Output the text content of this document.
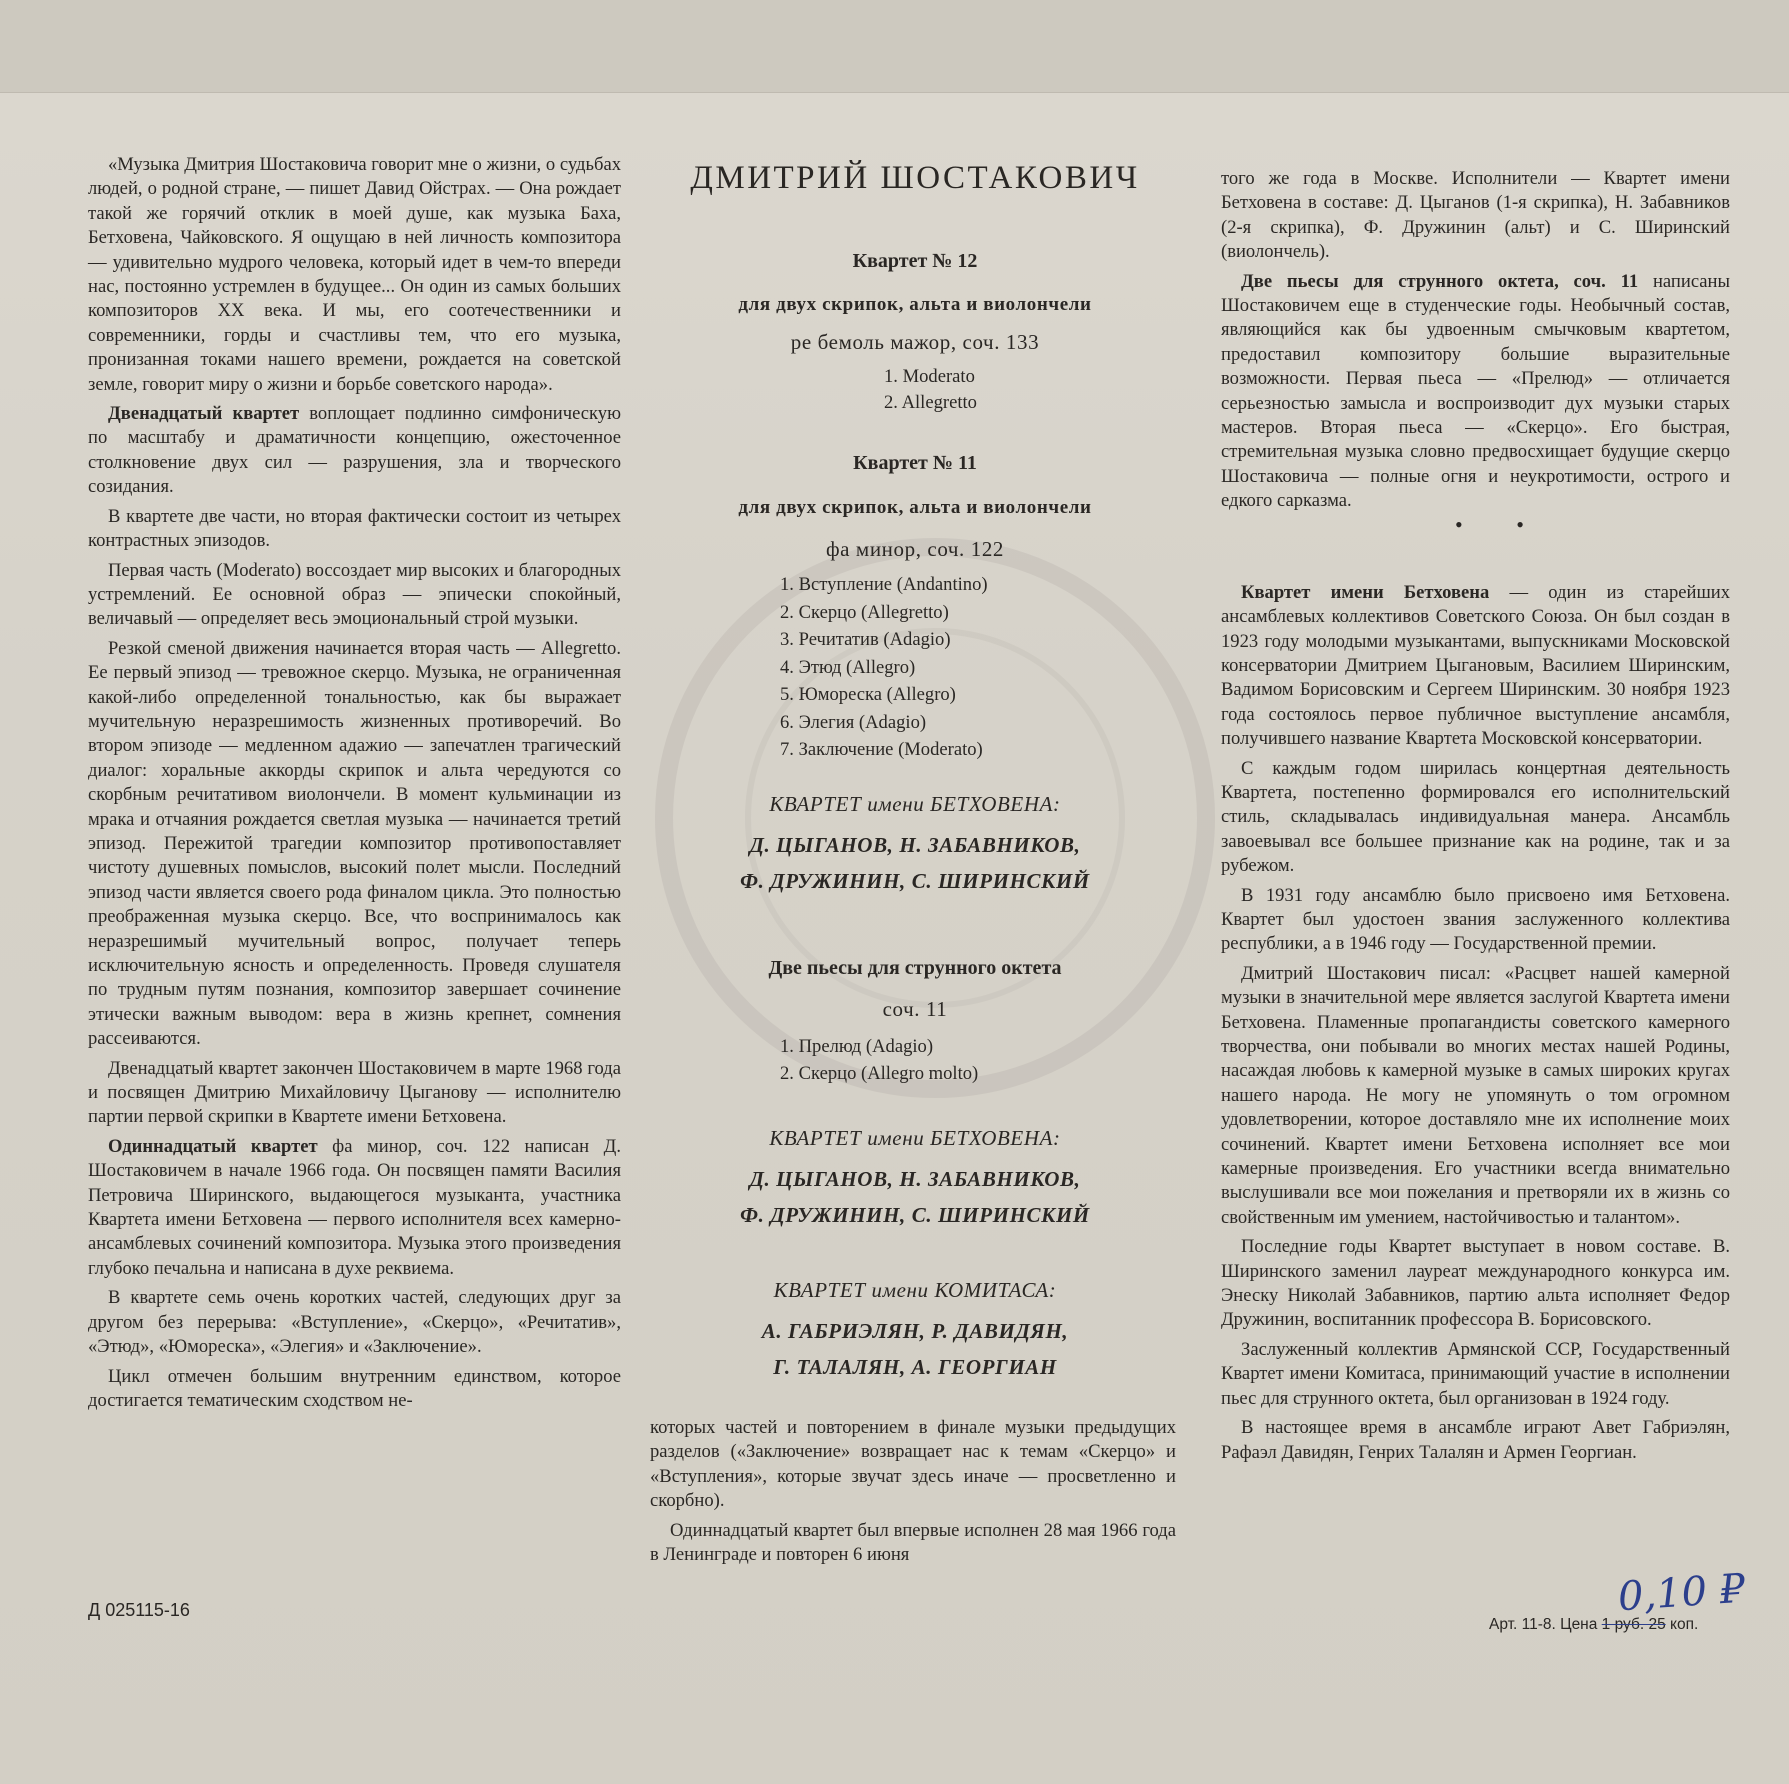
«Музыка Дмитрия Шостаковича говорит мне о жизни, о судьбах людей, о родной стране, — пишет Давид Ойстрах. — Она рождает такой же горячий отклик в моей душе, как музыка Баха, Бетховена, Чайковского. Я ощущаю в ней личность композитора — удивительно мудрого человека, который идет в чем-то впереди нас, постоянно устремлен в будущее... Он один из самых больших композиторов XX века. И мы, его соотечественники и современники, горды и счастливы тем, что его музыка, пронизанная токами нашего времени, рождается на советской земле, говорит миру о жизни и борьбе советского народа».

Двенадцатый квартет воплощает подлинно симфоническую по масштабу и драматичности концепцию, ожесточенное столкновение двух сил — разрушения, зла и творческого созидания.

В квартете две части, но вторая фактически состоит из четырех контрастных эпизодов.

Первая часть (Moderato) воссоздает мир высоких и благородных устремлений. Ее основной образ — эпически спокойный, величавый — определяет весь эмоциональный строй музыки.

Резкой сменой движения начинается вторая часть — Allegretto. Ее первый эпизод — тревожное скерцо. Музыка, не ограниченная какой-либо определенной тональностью, как бы выражает мучительную неразрешимость жизненных противоречий. Во втором эпизоде — медленном адажио — запечатлен трагический диалог: хоральные аккорды скрипок и альта чередуются со скорбным речитативом виолончели. В момент кульминации из мрака и отчаяния рождается светлая музыка — начинается третий эпизод. Пережитой трагедии композитор противопоставляет чистоту душевных помыслов, высокий полет мысли. Последний эпизод части является своего рода финалом цикла. Это полностью преображенная музыка скерцо. Все, что воспринималось как неразрешимый мучительный вопрос, получает теперь исключительную ясность и определенность. Проведя слушателя по трудным путям познания, композитор завершает сочинение этически важным выводом: вера в жизнь крепнет, сомнения рассеиваются.

Двенадцатый квартет закончен Шостаковичем в марте 1968 года и посвящен Дмитрию Михайловичу Цыганову — исполнителю партии первой скрипки в Квартете имени Бетховена.

Одиннадцатый квартет фа минор, соч. 122 написан Д. Шостаковичем в начале 1966 года. Он посвящен памяти Василия Петровича Ширинского, выдающегося музыканта, участника Квартета имени Бетховена — первого исполнителя всех камерно-ансамблевых сочинений композитора. Музыка этого произведения глубоко печальна и написана в духе реквиема.

В квартете семь очень коротких частей, следующих друг за другом без перерыва: «Вступление», «Скерцо», «Речитатив», «Этюд», «Юмореска», «Элегия» и «Заключение».

Цикл отмечен большим внутренним единством, которое достигается тематическим сходством не-

ДМИТРИЙ ШОСТАКОВИЧ
Квартет № 12
для двух скрипок, альта и виолончели
ре бемоль мажор, соч. 133
1. Moderato
2. Allegretto
Квартет № 11
для двух скрипок, альта и виолончели
фа минор, соч. 122
1. Вступление (Andantino)
2. Скерцо (Allegretto)
3. Речитатив (Adagio)
4. Этюд (Allegro)
5. Юмореска (Allegro)
6. Элегия (Adagio)
7. Заключение (Moderato)
КВАРТЕТ имени БЕТХОВЕНА:
Д. ЦЫГАНОВ, Н. ЗАБАВНИКОВ,
Ф. ДРУЖИНИН, С. ШИРИНСКИЙ
Две пьесы для струнного октета
соч. 11
1. Прелюд (Adagio)
2. Скерцо (Allegro molto)
КВАРТЕТ имени БЕТХОВЕНА:
Д. ЦЫГАНОВ, Н. ЗАБАВНИКОВ,
Ф. ДРУЖИНИН, С. ШИРИНСКИЙ
КВАРТЕТ имени КОМИТАСА:
А. ГАБРИЭЛЯН, Р. ДАВИДЯН,
Г. ТАЛАЛЯН, А. ГЕОРГИАН

которых частей и повторением в финале музыки предыдущих разделов («Заключение» возвращает нас к темам «Скерцо» и «Вступления», которые звучат здесь иначе — просветленно и скорбно).

Одиннадцатый квартет был впервые исполнен 28 мая 1966 года в Ленинграде и повторен 6 июня

того же года в Москве. Исполнители — Квартет имени Бетховена в составе: Д. Цыганов (1-я скрипка), Н. Забавников (2-я скрипка), Ф. Дружинин (альт) и С. Ширинский (виолончель).

Две пьесы для струнного октета, соч. 11 написаны Шостаковичем еще в студенческие годы. Необычный состав, являющийся как бы удвоенным смычковым квартетом, предоставил композитору большие выразительные возможности. Первая пьеса — «Прелюд» — отличается серьезностью замысла и воспроизводит дух музыки старых мастеров. Вторая пьеса — «Скерцо». Его быстрая, стремительная музыка словно предвосхищает будущие скерцо Шостаковича — полные огня и неукротимости, острого и едкого сарказма.

Квартет имени Бетховена — один из старейших ансамблевых коллективов Советского Союза. Он был создан в 1923 году молодыми музыкантами, выпускниками Московской консерватории Дмитрием Цыгановым, Василием Ширинским, Вадимом Борисовским и Сергеем Ширинским. 30 ноября 1923 года состоялось первое публичное выступление ансамбля, получившего название Квартета Московской консерватории.

С каждым годом ширилась концертная деятельность Квартета, постепенно формировался его исполнительский стиль, складывалась индивидуальная манера. Ансамбль завоевывал все большее признание как на родине, так и за рубежом.

В 1931 году ансамблю было присвоено имя Бетховена. Квартет был удостоен звания заслуженного коллектива республики, а в 1946 году — Государственной премии.

Дмитрий Шостакович писал: «Расцвет нашей камерной музыки в значительной мере является заслугой Квартета имени Бетховена. Пламенные пропагандисты советского камерного творчества, они побывали во многих местах нашей Родины, насаждая любовь к камерной музыке в самых широких кругах нашего народа. Не могу не упомянуть о том огромном удовлетворении, которое доставляло мне их исполнение моих сочинений. Квартет имени Бетховена исполняет все мои камерные произведения. Его участники всегда внимательно выслушивали все мои пожелания и претворяли их в жизнь со свойственным им умением, настойчивостью и талантом».

Последние годы Квартет выступает в новом составе. В. Ширинского заменил лауреат международного конкурса им. Энеску Николай Забавников, партию альта исполняет Федор Дружинин, воспитанник профессора В. Борисовского.

Заслуженный коллектив Армянской ССР, Государственный Квартет имени Комитаса, принимающий участие в исполнении пьес для струнного октета, был организован в 1924 году.

В настоящее время в ансамбле играют Авет Габриэлян, Рафаэл Давидян, Генрих Талалян и Армен Георгиан.

• •
Д 025115-16	0,10 ₽
Арт. 11-8. Цена 1 руб. 25 коп.
